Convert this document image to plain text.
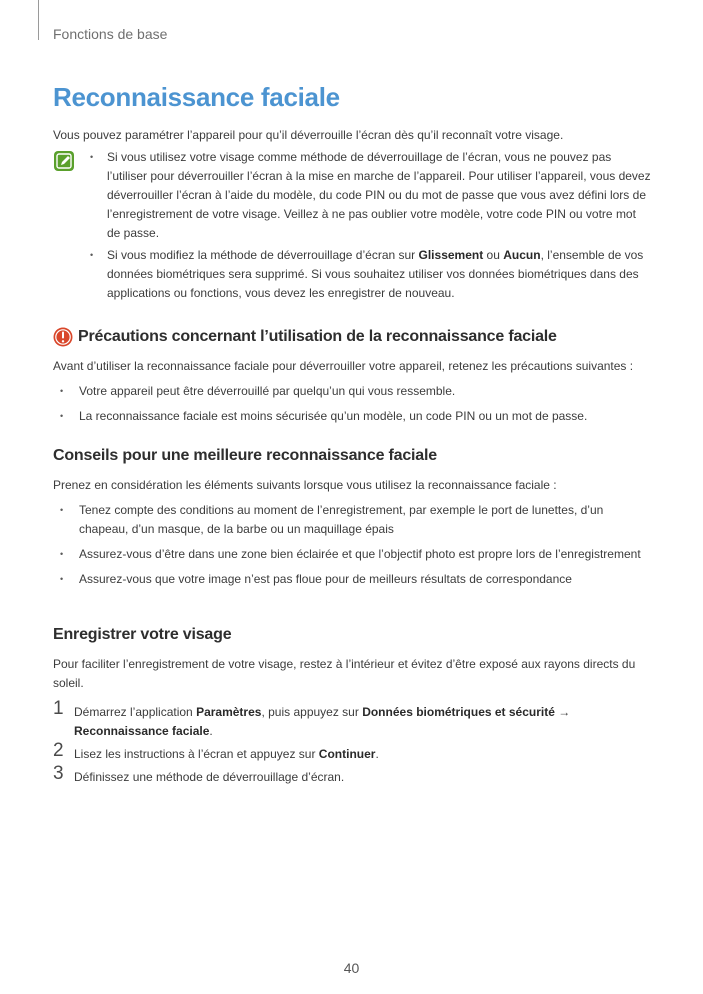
Fonctions de base
Reconnaissance faciale

Vous pouvez paramétrer l’appareil pour qu’il déverrouille l’écran dès qu’il reconnaît votre visage.

• Si vous utilisez votre visage comme méthode de déverrouillage de l’écran, vous ne pouvez pas l’utiliser pour déverrouiller l’écran à la mise en marche de l’appareil. Pour utiliser l’appareil, vous devez déverrouiller l’écran à l’aide du modèle, du code PIN ou du mot de passe que vous avez défini lors de l’enregistrement de votre visage. Veillez à ne pas oublier votre modèle, votre code PIN ou votre mot de passe.
• Si vous modifiez la méthode de déverrouillage d’écran sur Glissement ou Aucun, l’ensemble de vos données biométriques sera supprimé. Si vous souhaitez utiliser vos données biométriques dans des applications ou fonctions, vous devez les enregistrer de nouveau.
Précautions concernant l’utilisation de la reconnaissance faciale

Avant d’utiliser la reconnaissance faciale pour déverrouiller votre appareil, retenez les précautions suivantes :

• Votre appareil peut être déverrouillé par quelqu’un qui vous ressemble.
• La reconnaissance faciale est moins sécurisée qu’un modèle, un code PIN ou un mot de passe.
Conseils pour une meilleure reconnaissance faciale

Prenez en considération les éléments suivants lorsque vous utilisez la reconnaissance faciale :

• Tenez compte des conditions au moment de l’enregistrement, par exemple le port de lunettes, d’un chapeau, d’un masque, de la barbe ou un maquillage épais
• Assurez-vous d’être dans une zone bien éclairée et que l’objectif photo est propre lors de l’enregistrement
• Assurez-vous que votre image n’est pas floue pour de meilleurs résultats de correspondance
Enregistrer votre visage

Pour faciliter l’enregistrement de votre visage, restez à l’intérieur et évitez d’être exposé aux rayons directs du soleil.

1 Démarrez l’application Paramètres, puis appuyez sur Données biométriques et sécurité → Reconnaissance faciale.
2 Lisez les instructions à l’écran et appuyez sur Continuer.
3 Définissez une méthode de déverrouillage d’écran.
40
